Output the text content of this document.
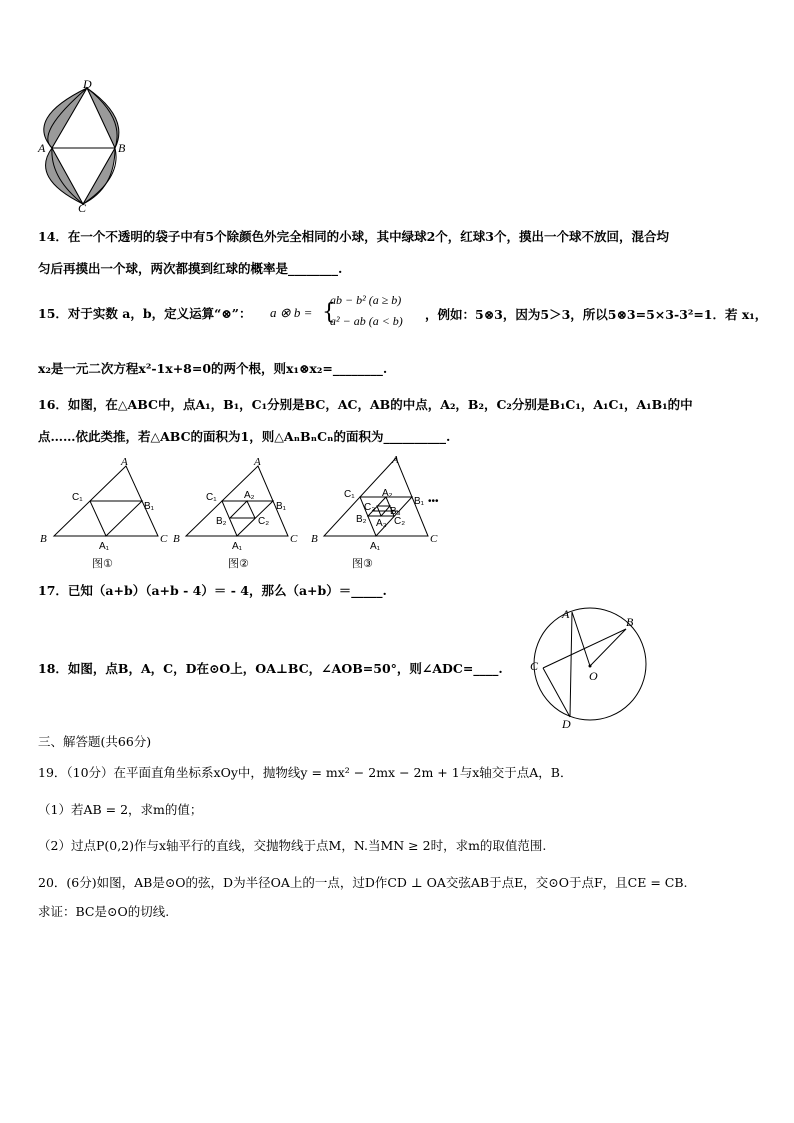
D
A	B
C
14．在一个不透明的袋子中有5个除颜色外完全相同的小球，其中绿球2个，红球3个，摸出一个球不放回，混合均
匀后再摸出一个球，两次都摸到红球的概率是________.
15．对于实数 a，b，定义运算“⊗”： a ⊗ b = {
ab − b² (a ≥ b)
a² − ab (a < b) ，例如：5⊗3，因为5＞3，所以5⊗3=5×3-3²=1．若 x₁，
x₂是一元二次方程x²-1x+8=0的两个根，则x₁⊗x₂=________.
16．如图，在△ABC中，点A₁，B₁，C₁分别是BC，AC，AB的中点，A₂，B₂，C₂分别是B₁C₁，A₁C₁，A₁B₁的中
点……依此类推，若△ABC的面积为1，则△AₙBₙCₙ的面积为__________.
A
B	C
C₁
B₁
A₁
图①
A
B	C
C₁
B₁
A₁
A₂
B₂	C₂
图②
A
B	C
C₁
B₁
A₁
A₂
B₂	C₂
C₃ B₃
A₃
•••
图③
17．已知（a+b）（a+b - 4）＝ - 4，那么（a+b）＝_____.
18．如图，点B，A，C，D在⊙O上，OA⊥BC，∠AOB=50°，则∠ADC=____.
A
B
C
D
O
三、解答题(共66分)
19．（10分）在平面直角坐标系xOy中，抛物线y = mx² − 2mx − 2m + 1与x轴交于点A，B．
（1）若AB = 2，求m的值；
（2）过点P(0,2)作与x轴平行的直线，交抛物线于点M，N.当MN ≥ 2时，求m的取值范围.
20．(6分)如图，AB是⊙O的弦，D为半径OA上的一点，过D作CD ⊥ OA交弦AB于点E，交⊙O于点F，且CE = CB.
求证：BC是⊙O的切线.
